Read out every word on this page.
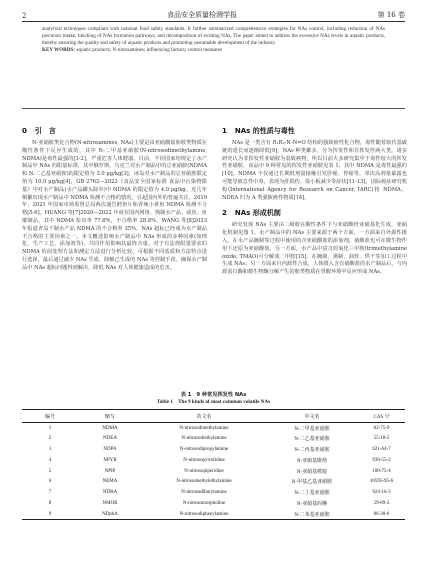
2	食品安全质量检测学报	第 16 卷

analytical techniques compliant with national food safety standards. It further summarized comprehensive strategies for NAs control, including reduction of NAs precursor intake, blocking of NAs formation pathways, and decomposition of existing NAs. The paper aimed to address the excessive NAs levels in aquatic products, thereby ensuring the quality and safety of aquatic products and promoting sustainable development of the industry.

KEY WORDS: aquatic products; N-nitrosamines; influencing factors; control measures

0 引　言

N-亚硝胺类化合物(N-nitrosamines, NAs)主要是由亚硝酸盐和胺类物质在酸性条件下反应生成的，其中 N-二甲基亚硝胺(N-nitrosodimethylamine, NDMA)是毒性最强的[1-2]，严重危害人体健康。目前，不同国家均规定了水产制品中 NAs 的限量标准，其中俄罗斯、乌克兰对水产制品中的总亚硝胺(NDMA 和 N-二乙基亚硝胺)的限定值为 3.0 μg/kg[3]，冰岛对水产制品的总亚硝胺限定值为 10.0 μg/kg[4]，GB 2762—2022《食品安全国家标准 食品中污染物限量》中对水产制品(水产品罐头除外)中 NDMA 的限定值为 4.0 μg/kg。近几年频繁出现水产制品中 NDMA 检测不合格的情况，引起国内外的普遍关注。2019 年，2021 年国家市场监督总局两次通告鳕鱼片和香辣小黄鱼 NDMA 检测不合格[5-6]。HUANG 等[7]2020—2022 年度在国内网络、熟制水产品、咸鱼、鱼糜制品，其中 NDMA 检出率 77.8%，不合格率 28.8%。WANG 等[8]2023 年报道青岛干制水产品 NDMA 的不合格率 35%。NAs 超标已经成为水产制品不合格的主要因素之一。本文概述影响水产制品中 NAs 形成的多种因素(如理化、生产工艺、添加剂等)，共同作用影响其最终含量。对于有法规限量要求的 NDMA 的前处理方法和测定方法进行分析比较，可根据不同基质和方法特点进行选择，最后通过减少 NAs 生成、降解已生成的 NAs 等控制手段，确保水产制品中 NAs 超标问题得到解决，降低 NAs 对人体健康造成的危害。

1 NAs 的性质与毒性

NAs 是一类含有 R₁R₂-N-N=O 结构的强致癌性化合物，毒性随着取代基碳链的延长而逐渐降低[9]。NAs 种类繁多，分为挥发性和非挥发性两大类。诸多研究认为非挥发性亚硝胺为弱致癌物，所以目前大多研究集中于毒性较大的挥发性亚硝胺。食品中 9 种常见的挥发性亚硝胺见表 1，其中 NDMA 是毒性最强的[10]。NDMA 不仅通过长期低剂量接触引发肝癌、胃癌等，单次高剂量暴露也可能导致急性中毒，表现为肝损伤、血小板减少等症状[11-13]。国际癌症研究机构(International Agency for Research on Cancer, IARC)将 NDMA、NDEA 归为 A 类强致癌性物质[14]。

2 NAs 形成机制

研究发现 NAs 主要由二级胺在酸性条件下与亚硝酸经亚硝基化生成，亚硝化机制见图 1。水产制品中的 NAs 主要来源于两个方面，一方面来自外源性摄入，在水产品腌制等过程中使用的含亚硝酸盐的添加剂，硝酸盐也可在微生物作用下还原为亚硝酸盐。另一方面，水产品中富含的氧化三甲胺(trimethylamine oxide, TMAO)可分解成二甲胺[15]。在腌制、熏制、油炸、烘干等加工过程中生成 NAs；另一方面来自内源性合成，人体摄入含有硝酸盐的水产制品后，与内源蛋白酶和微生物酶分解产生的胺类物质在胃酸环境中反应形成 NAs。

表 1　9 种常见挥发性 NAs
Table 1　The 9 kinds of most common volatile NAs
编号	缩写	英文名	中文名	CAS 号
1	NDMA	N-nitrosodimethylamine	N-二甲基亚硝胺	62-75-9
2	NDEA	N-nitrosodiethylamine	N-二乙基亚硝胺	55-18-5
3	NDPA	N-nitrosodipropylamine	N-二丙基亚硝胺	621-64-7
4	NPYR	N-nitrosopyrrolidine	N-亚硝基吡咯	930-55-2
5	NPIP	N-nitrosopiperidine	N-亚硝基哌啶	100-75-4
6	NEMA	N-nitrosomethylethylamine	N-甲基乙基亚硝胺	10595-95-6
7	NDBA	N-nitrosodibutylamine	N-二丁基亚硝胺	924-16-3
8	NMOR	N-nitrosomorpholine	N-亚硝基吗啉	59-89-2
9	NDphA	N-nitrosodiphenylamine	N-二苯基亚硝胺	86-30-6
